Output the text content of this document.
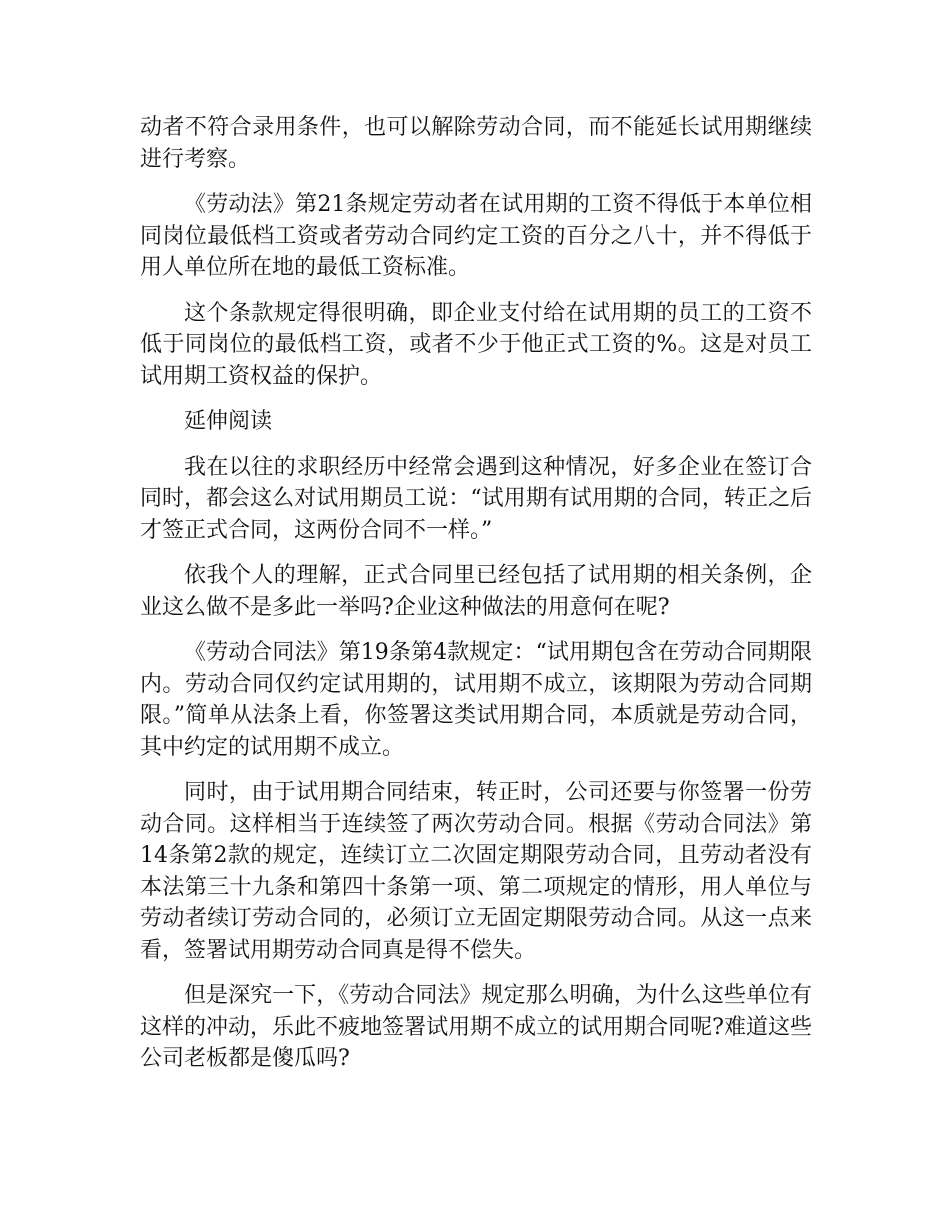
动者不符合录用条件，也可以解除劳动合同，而不能延长试用期继续进行考察。

《劳动法》第21条规定劳动者在试用期的工资不得低于本单位相同岗位最低档工资或者劳动合同约定工资的百分之八十，并不得低于用人单位所在地的最低工资标准。

这个条款规定得很明确，即企业支付给在试用期的员工的工资不低于同岗位的最低档工资，或者不少于他正式工资的%。这是对员工试用期工资权益的保护。

延伸阅读

我在以往的求职经历中经常会遇到这种情况，好多企业在签订合同时，都会这么对试用期员工说：“试用期有试用期的合同，转正之后才签正式合同，这两份合同不一样。”

依我个人的理解，正式合同里已经包括了试用期的相关条例，企业这么做不是多此一举吗?企业这种做法的用意何在呢?

《劳动合同法》第19条第4款规定：“试用期包含在劳动合同期限内。劳动合同仅约定试用期的，试用期不成立，该期限为劳动合同期限。”简单从法条上看，你签署这类试用期合同，本质就是劳动合同，其中约定的试用期不成立。

同时，由于试用期合同结束，转正时，公司还要与你签署一份劳动合同。这样相当于连续签了两次劳动合同。根据《劳动合同法》第14条第2款的规定，连续订立二次固定期限劳动合同，且劳动者没有本法第三十九条和第四十条第一项、第二项规定的情形，用人单位与劳动者续订劳动合同的，必须订立无固定期限劳动合同。从这一点来看，签署试用期劳动合同真是得不偿失。

但是深究一下，《劳动合同法》规定那么明确，为什么这些单位有这样的冲动，乐此不疲地签署试用期不成立的试用期合同呢?难道这些公司老板都是傻瓜吗?
